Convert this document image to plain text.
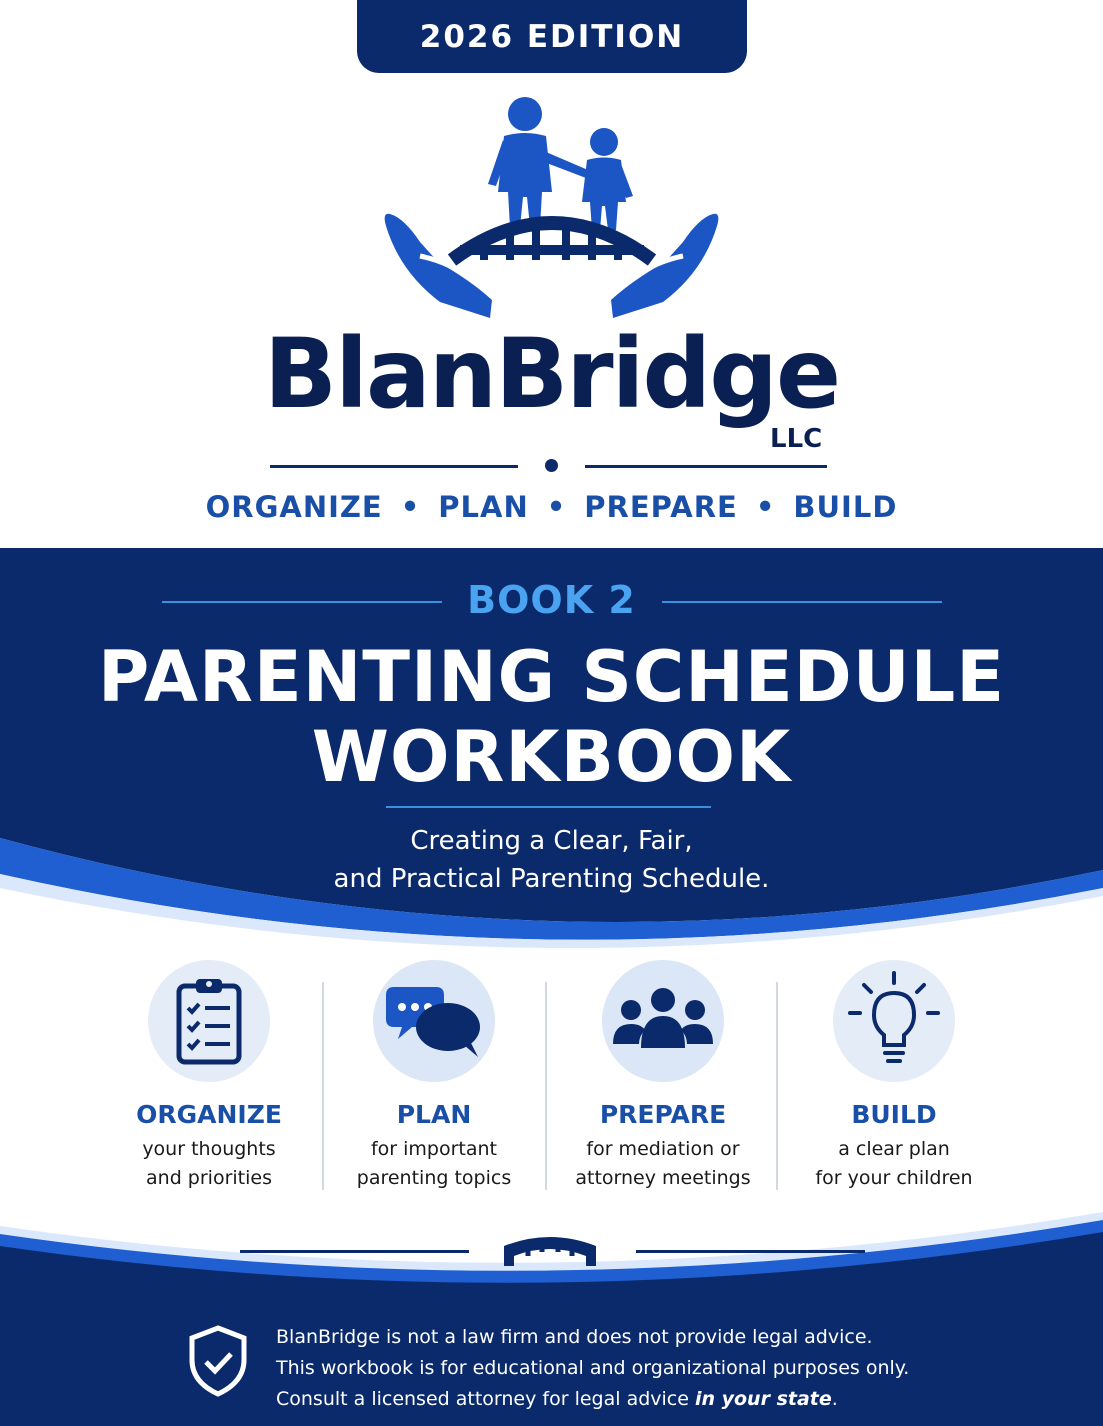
2026 EDITION
BlanBridge
LLC
ORGANIZE • PLAN • PREPARE • BUILD
BOOK 2
PARENTING SCHEDULE
WORKBOOK
Creating a Clear, Fair,
and Practical Parenting Schedule.
ORGANIZE
your thoughts
and priorities
PLAN
for important
parenting topics
PREPARE
for mediation or
attorney meetings
BUILD
a clear plan
for your children
BlanBridge is not a law firm and does not provide legal advice.
This workbook is for educational and organizational purposes only.
Consult a licensed attorney for legal advice in your state.
